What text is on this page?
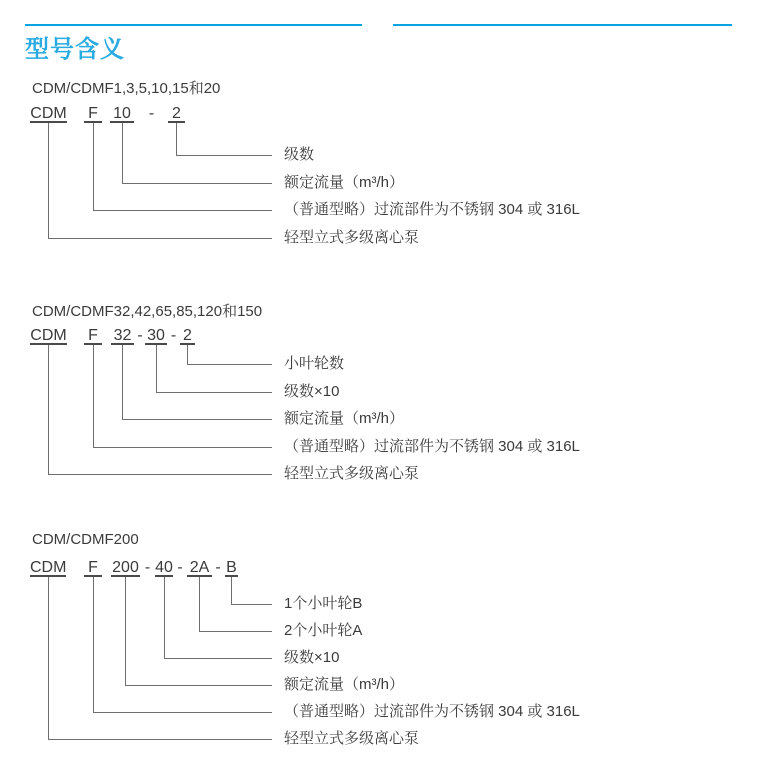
型号含义
CDM/CDMF1,3,5,10,15和20
CDM F 10 - 2
级数
额定流量（m³/h）
（普通型略）过流部件为不锈钢 304 或 316L
轻型立式多级离心泵
CDM/CDMF32,42,65,85,120和150
CDM F 32 - 30 - 2
小叶轮数
级数×10
额定流量（m³/h）
（普通型略）过流部件为不锈钢 304 或 316L
轻型立式多级离心泵
CDM/CDMF200
CDM F 200 - 40 - 2A - B
1个小叶轮B
2个小叶轮A
级数×10
额定流量（m³/h）
（普通型略）过流部件为不锈钢 304 或 316L
轻型立式多级离心泵
